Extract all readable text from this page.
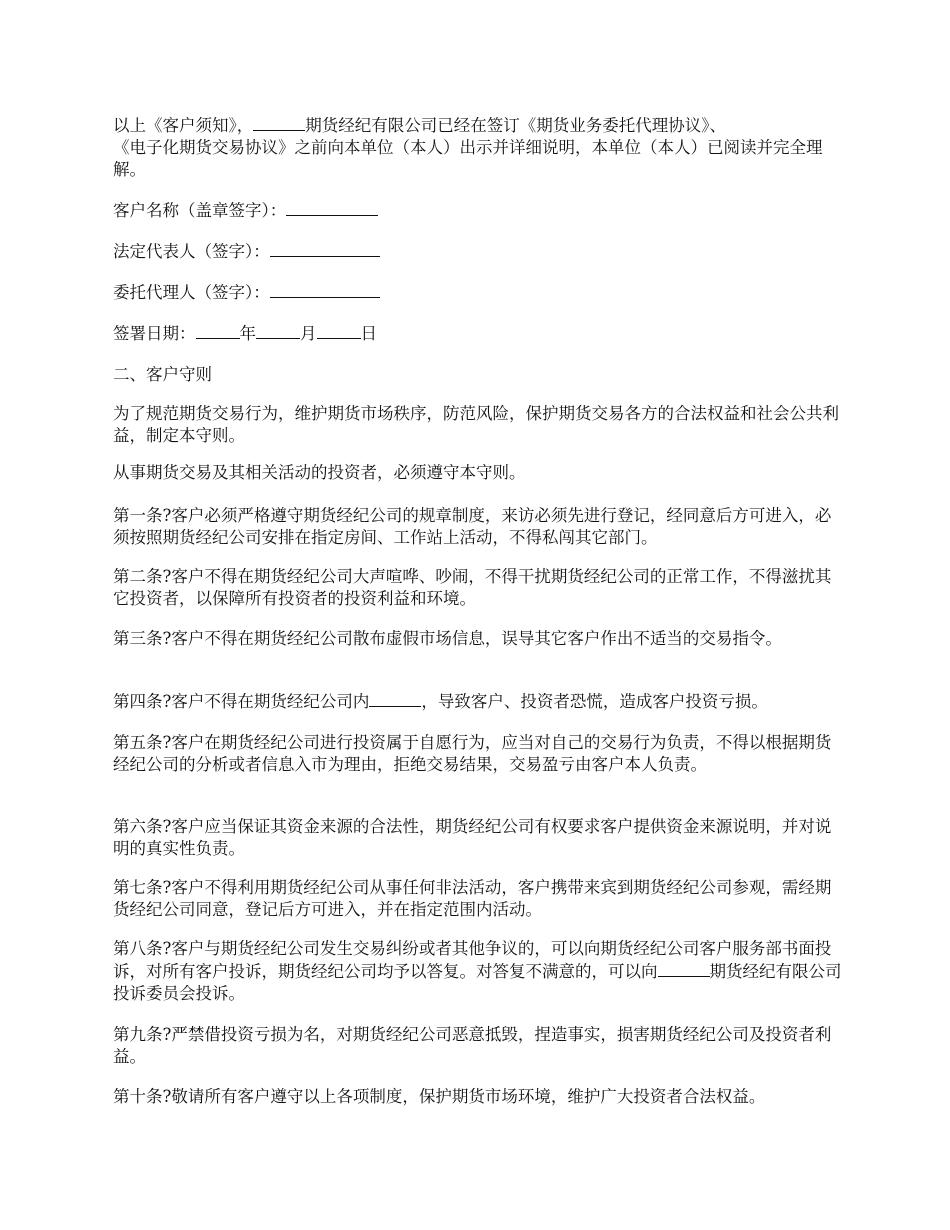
以上《客户须知》，	期货经纪有限公司已经在签订《期货业务委托代理协议》、
《电子化期货交易协议》之前向本单位（本人）出示并详细说明，本单位（本人）已阅读并完全理解。

客户名称（盖章签字）：

法定代表人（签字）：

委托代理人（签字）：

签署日期：	年	月	日

二、客户守则

为了规范期货交易行为，维护期货市场秩序，防范风险，保护期货交易各方的合法权益和社会公共利益，制定本守则。

从事期货交易及其相关活动的投资者，必须遵守本守则。

第一条?客户必须严格遵守期货经纪公司的规章制度，来访必须先进行登记，经同意后方可进入，必须按照期货经纪公司安排在指定房间、工作站上活动，不得私闯其它部门。

第二条?客户不得在期货经纪公司大声喧哗、吵闹，不得干扰期货经纪公司的正常工作，不得滋扰其它投资者，以保障所有投资者的投资利益和环境。

第三条?客户不得在期货经纪公司散布虚假市场信息，误导其它客户作出不适当的交易指令。

第四条?客户不得在期货经纪公司内	，导致客户、投资者恐慌，造成客户投资亏损。

第五条?客户在期货经纪公司进行投资属于自愿行为，应当对自己的交易行为负责，不得以根据期货经纪公司的分析或者信息入市为理由，拒绝交易结果，交易盈亏由客户本人负责。

第六条?客户应当保证其资金来源的合法性，期货经纪公司有权要求客户提供资金来源说明，并对说明的真实性负责。

第七条?客户不得利用期货经纪公司从事任何非法活动，客户携带来宾到期货经纪公司参观，需经期货经纪公司同意，登记后方可进入，并在指定范围内活动。

第八条?客户与期货经纪公司发生交易纠纷或者其他争议的，可以向期货经纪公司客户服务部书面投诉，对所有客户投诉，期货经纪公司均予以答复。对答复不满意的，可以向	期货经纪有限公司投诉委员会投诉。

第九条?严禁借投资亏损为名，对期货经纪公司恶意抵毁，捏造事实，损害期货经纪公司及投资者利益。

第十条?敬请所有客户遵守以上各项制度，保护期货市场环境，维护广大投资者合法权益。
